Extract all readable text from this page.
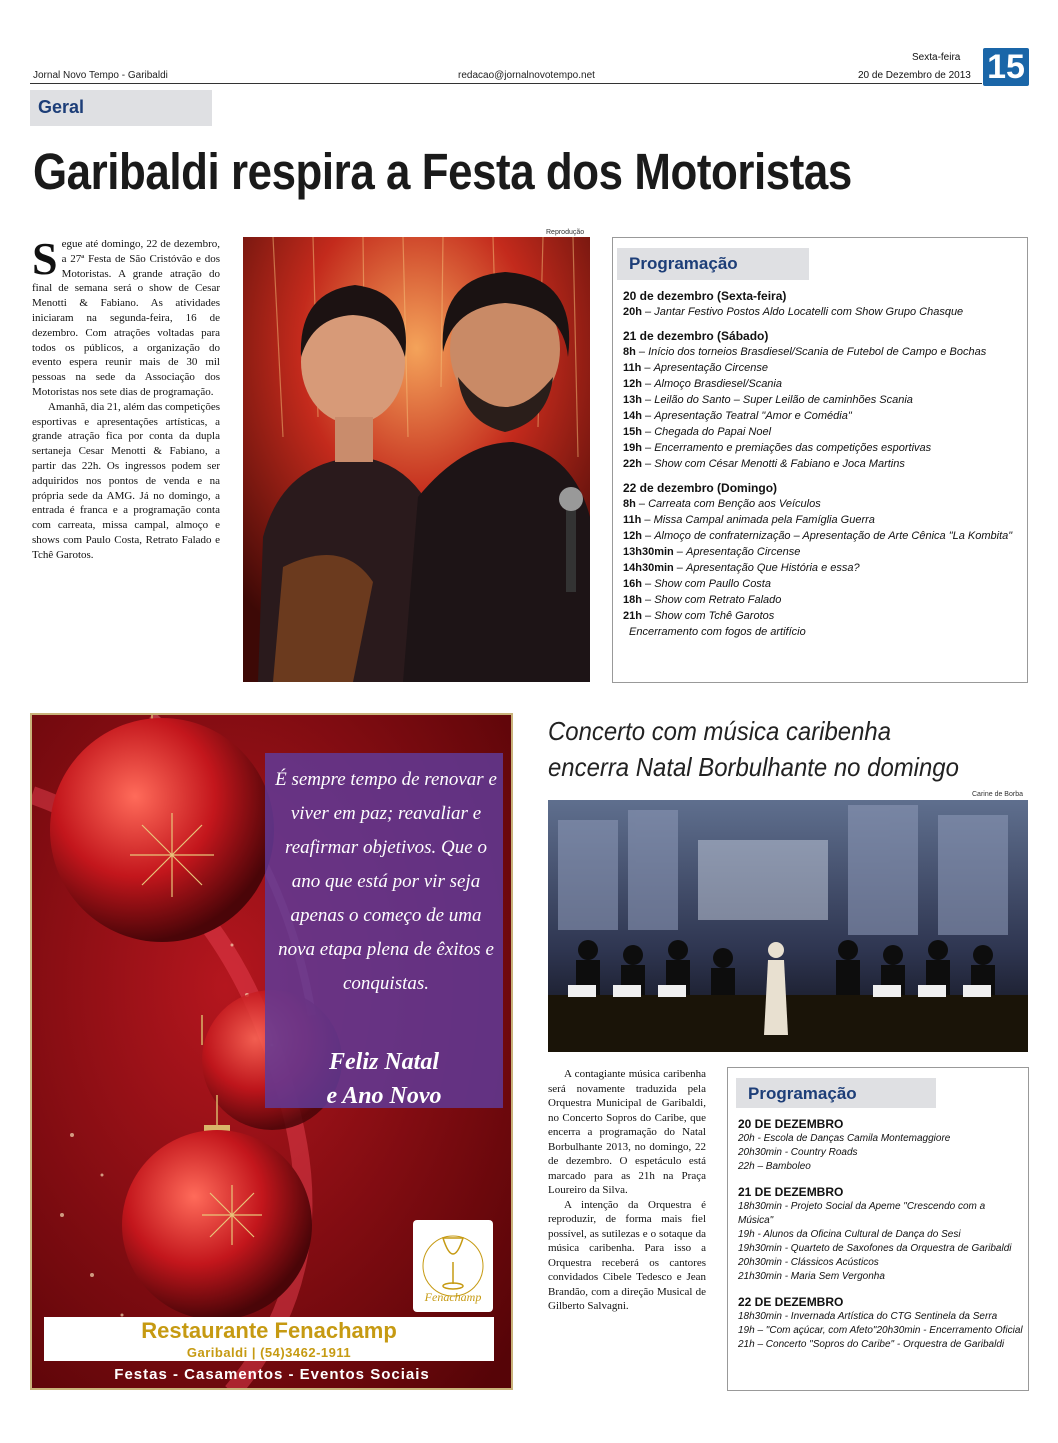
Jornal Novo Tempo - Garibaldi	redacao@jornalnovotempo.net
Sexta-feira
20 de Dezembro de 2013 15
Geral
Garibaldi respira a Festa dos Motoristas

Segue até domingo, 22 de dezembro, a 27ª Festa de São Cristóvão e dos Motoristas. A grande atração do final de semana será o show de Cesar Menotti & Fabiano. As atividades iniciaram na segunda-feira, 16 de dezembro. Com atrações voltadas para todos os públicos, a organização do evento espera reunir mais de 30 mil pessoas na sede da Associação dos Motoristas nos sete dias de programação.

Amanhã, dia 21, além das competições esportivas e apresentações artísticas, a grande atração fica por conta da dupla sertaneja Cesar Menotti & Fabiano, a partir das 22h. Os ingressos podem ser adquiridos nos pontos de venda e na própria sede da AMG. Já no domingo, a entrada é franca e a programação conta com carreata, missa campal, almoço e shows com Paulo Costa, Retrato Falado e Tchê Garotos.

Reprodução
Programação
20 de dezembro (Sexta-feira)
20h – Jantar Festivo Postos Aldo Locatelli com Show Grupo Chasque
21 de dezembro (Sábado)
8h – Início dos torneios Brasdiesel/Scania de Futebol de Campo e Bochas
11h – Apresentação Circense
12h – Almoço Brasdiesel/Scania
13h – Leilão do Santo – Super Leilão de caminhões Scania
14h – Apresentação Teatral "Amor e Comédia"
15h – Chegada do Papai Noel
19h – Encerramento e premiações das competições esportivas
22h – Show com César Menotti & Fabiano e Joca Martins
22 de dezembro (Domingo)
8h – Carreata com Benção aos Veículos
11h – Missa Campal animada pela Famíglia Guerra
12h – Almoço de confraternização – Apresentação de Arte Cênica "La Kombita"
13h30min – Apresentação Circense
14h30min – Apresentação Que História e essa?
16h – Show com Paullo Costa
18h – Show com Retrato Falado
21h – Show com Tchê Garotos
Encerramento com fogos de artifício
É sempre tempo de renovar e viver em paz; reavaliar e reafirmar objetivos. Que o ano que está por vir seja apenas o começo de uma nova etapa plena de êxitos e conquistas.
Feliz Natal
e Ano Novo
Fenachamp
Restaurante Fenachamp
Garibaldi | (54)3462-1911
Festas - Casamentos - Eventos Sociais
Concerto com música caribenha
encerra Natal Borbulhante no domingo
Carine de Borba

A contagiante música caribenha será novamente traduzida pela Orquestra Municipal de Garibaldi, no Concerto Sopros do Caribe, que encerra a programação do Natal Borbulhante 2013, no domingo, 22 de dezembro. O espetáculo está marcado para as 21h na Praça Loureiro da Silva.

A intenção da Orquestra é reproduzir, de forma mais fiel possível, as sutilezas e o sotaque da música caribenha. Para isso a Orquestra receberá os cantores convidados Cibele Tedesco e Jean Brandão, com a direção Musical de Gilberto Salvagni.

Programação
20 DE DEZEMBRO
20h - Escola de Danças Camila Montemaggiore
20h30min - Country Roads
22h – Bamboleo
21 DE DEZEMBRO
18h30min - Projeto Social da Apeme "Crescendo com a Música"
19h - Alunos da Oficina Cultural de Dança do Sesi
19h30min - Quarteto de Saxofones da Orquestra de Garibaldi
20h30min - Clássicos Acústicos
21h30min - Maria Sem Vergonha
22 DE DEZEMBRO
18h30min - Invernada Artística do CTG Sentinela da Serra
19h – "Com açúcar, com Afeto"20h30min - Encerramento Oficial
21h – Concerto "Sopros do Caribe" - Orquestra de Garibaldi
